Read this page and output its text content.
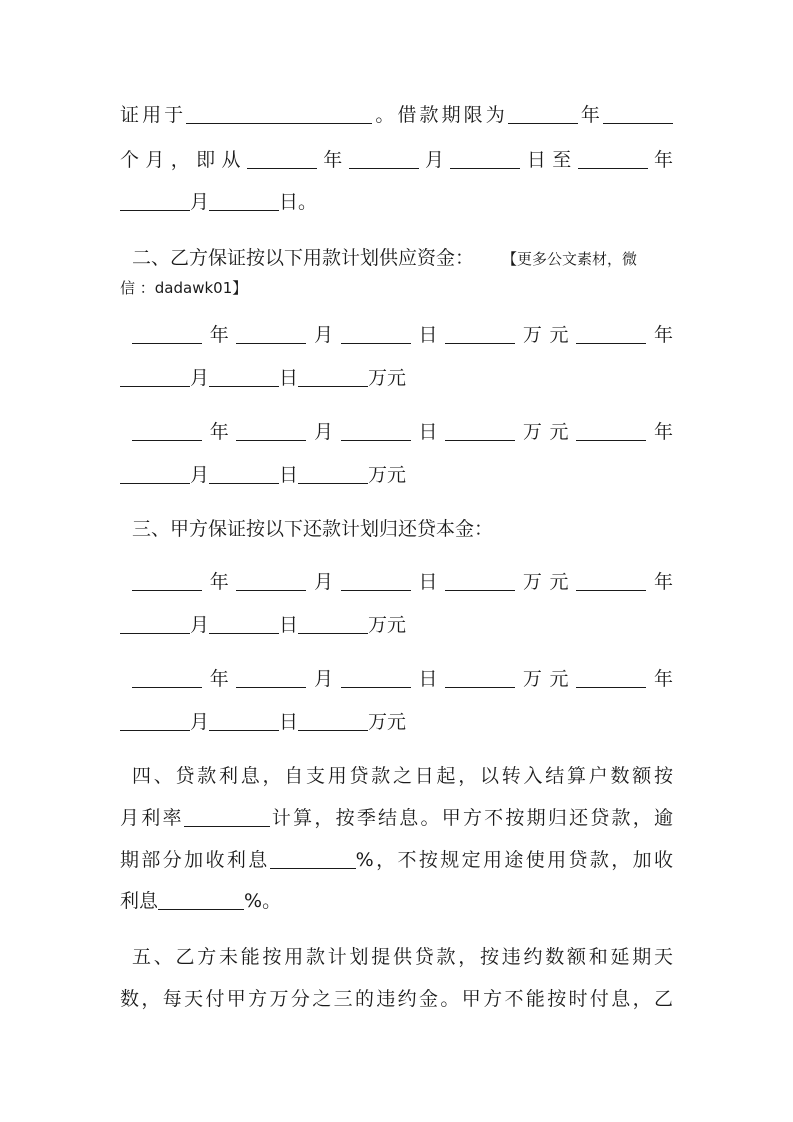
证用于	。借款期限为	年
个月，即从	年	月	日至	年
月	日。
二、乙方保证按以下用款计划供应资金： 【更多公文素材，微
信 ：dadawk01】
年	月	日	万元	年
月	日	万元
年	月	日	万元	年
月	日	万元
三、甲方保证按以下还款计划归还贷本金：
年	月	日	万元	年
月	日	万元
年	月	日	万元	年
月	日	万元
四、贷款利息，自支用贷款之日起，以转入结算户数额按
月利率	计算，按季结息。甲方不按期归还贷款，逾
期部分加收利息	%，不按规定用途使用贷款，加收
利息	%。
五、乙方未能按用款计划提供贷款，按违约数额和延期天
数，每天付甲方万分之三的违约金。甲方不能按时付息，乙
